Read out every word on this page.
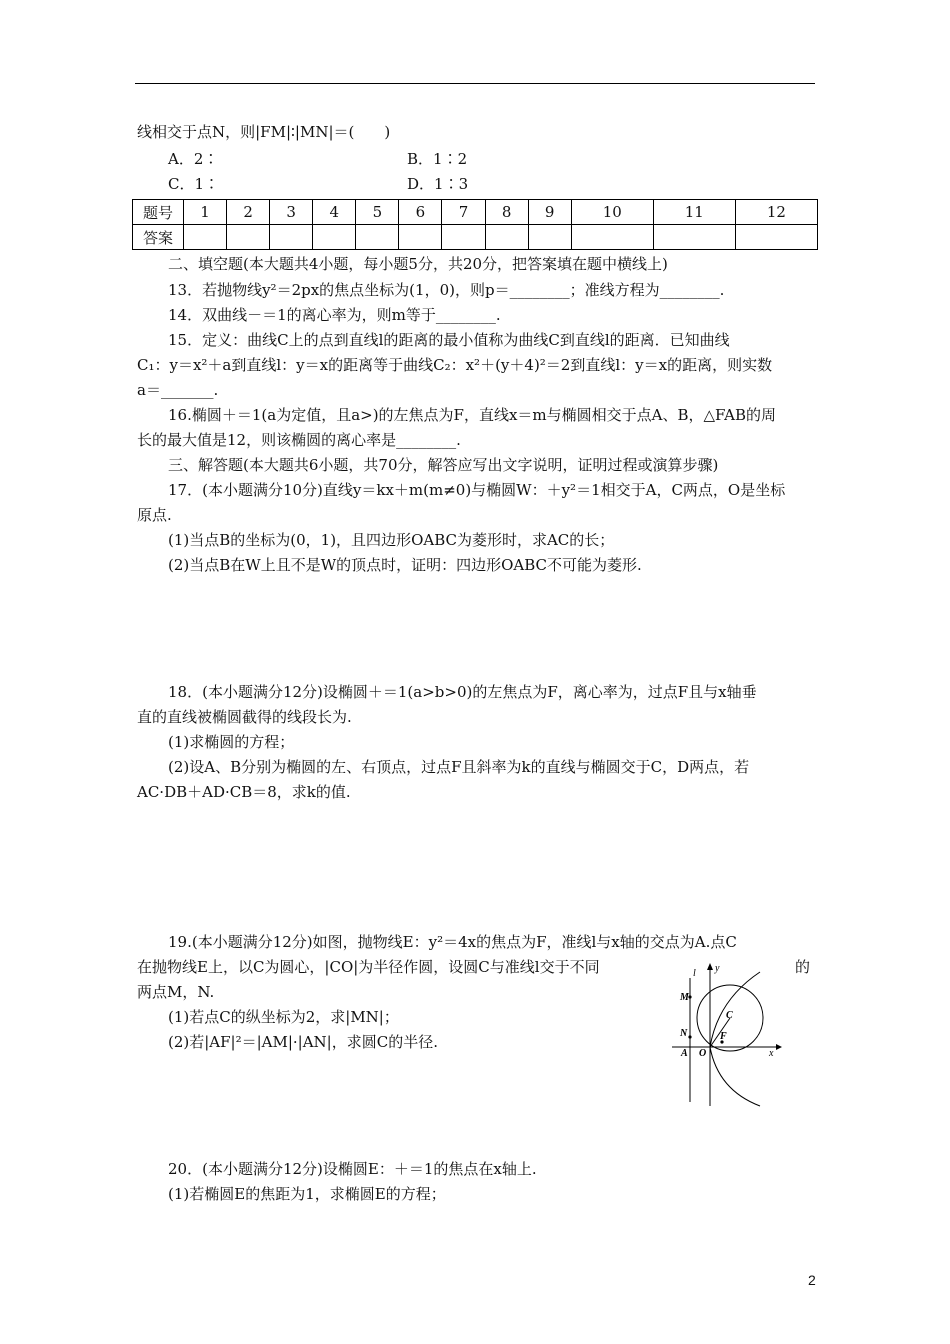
线相交于点N，则|FM|∶|MN|＝(　　)
A．2∶	B．1∶2
C．1∶	D．1∶3
题号	1	2	3	4	5	6	7	8	9	10	11	12
答案												
二、填空题(本大题共4小题，每小题5分，共20分，把答案填在题中横线上)
13．若抛物线y²＝2px的焦点坐标为(1，0)，则p＝________；准线方程为________.
14．双曲线－＝1的离心率为，则m等于________.
15．定义：曲线C上的点到直线l的距离的最小值称为曲线C到直线l的距离．已知曲线
C₁：y＝x²＋a到直线l：y＝x的距离等于曲线C₂：x²＋(y＋4)²＝2到直线l：y＝x的距离，则实数
a＝_______.
16.椭圆＋＝1(a为定值，且a>)的左焦点为F，直线x＝m与椭圆相交于点A、B，△FAB的周
长的最大值是12，则该椭圆的离心率是________.
三、解答题(本大题共6小题，共70分，解答应写出文字说明，证明过程或演算步骤)
17．(本小题满分10分)直线y＝kx＋m(m≠0)与椭圆W：＋y²＝1相交于A，C两点，O是坐标
原点.
(1)当点B的坐标为(0，1)，且四边形OABC为菱形时，求AC的长；
(2)当点B在W上且不是W的顶点时，证明：四边形OABC不可能为菱形.
18．(本小题满分12分)设椭圆＋＝1(a>b>0)的左焦点为F，离心率为，过点F且与x轴垂
直的直线被椭圆截得的线段长为.
(1)求椭圆的方程；
(2)设A、B分别为椭圆的左、右顶点，过点F且斜率为k的直线与椭圆交于C，D两点，若
AC·DB＋AD·CB＝8，求k的值.
19.(本小题满分12分)如图，抛物线E：y²＝4x的焦点为F，准线l与x轴的交点为A.点C
在抛物线E上，以C为圆心，|CO|为半径作圆，设圆C与准线l交于不同	的
两点M，N.
(1)若点C的纵坐标为2，求|MN|；
(2)若|AF|²＝|AM|·|AN|，求圆C的半径.
l y
M
C
N	F
A O	x
20．(本小题满分12分)设椭圆E：＋＝1的焦点在x轴上.
(1)若椭圆E的焦距为1，求椭圆E的方程；
2
